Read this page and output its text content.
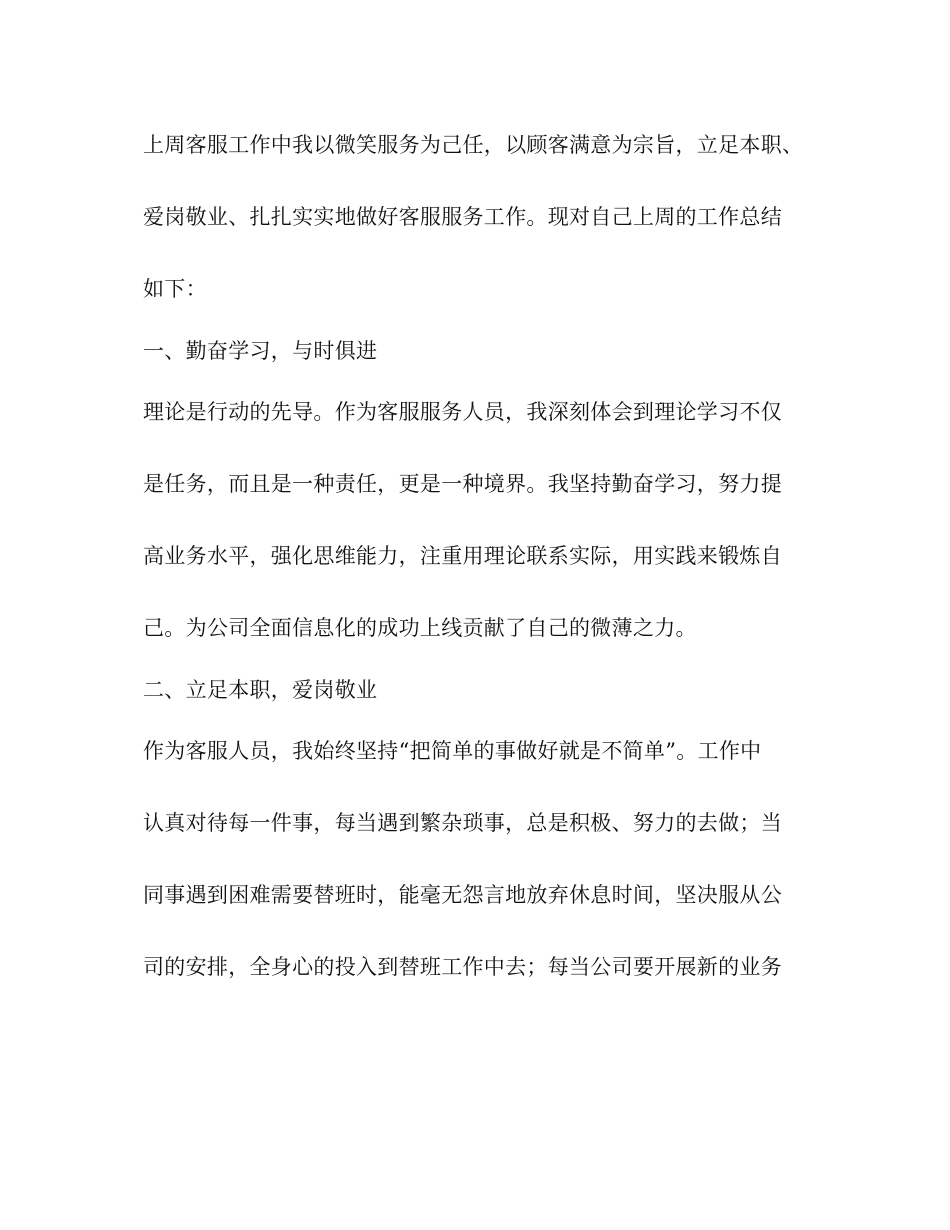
上周客服工作中我以微笑服务为己任，以顾客满意为宗旨，立足本职、
爱岗敬业、扎扎实实地做好客服服务工作。现对自己上周的工作总结
如下：
一、勤奋学习，与时俱进
理论是行动的先导。作为客服服务人员，我深刻体会到理论学习不仅
是任务，而且是一种责任，更是一种境界。我坚持勤奋学习，努力提
高业务水平，强化思维能力，注重用理论联系实际，用实践来锻炼自
己。为公司全面信息化的成功上线贡献了自己的微薄之力。
二、立足本职，爱岗敬业
作为客服人员，我始终坚持“把简单的事做好就是不简单”。工作中
认真对待每一件事，每当遇到繁杂琐事，总是积极、努力的去做；当
同事遇到困难需要替班时，能毫无怨言地放弃休息时间，坚决服从公
司的安排，全身心的投入到替班工作中去；每当公司要开展新的业务
